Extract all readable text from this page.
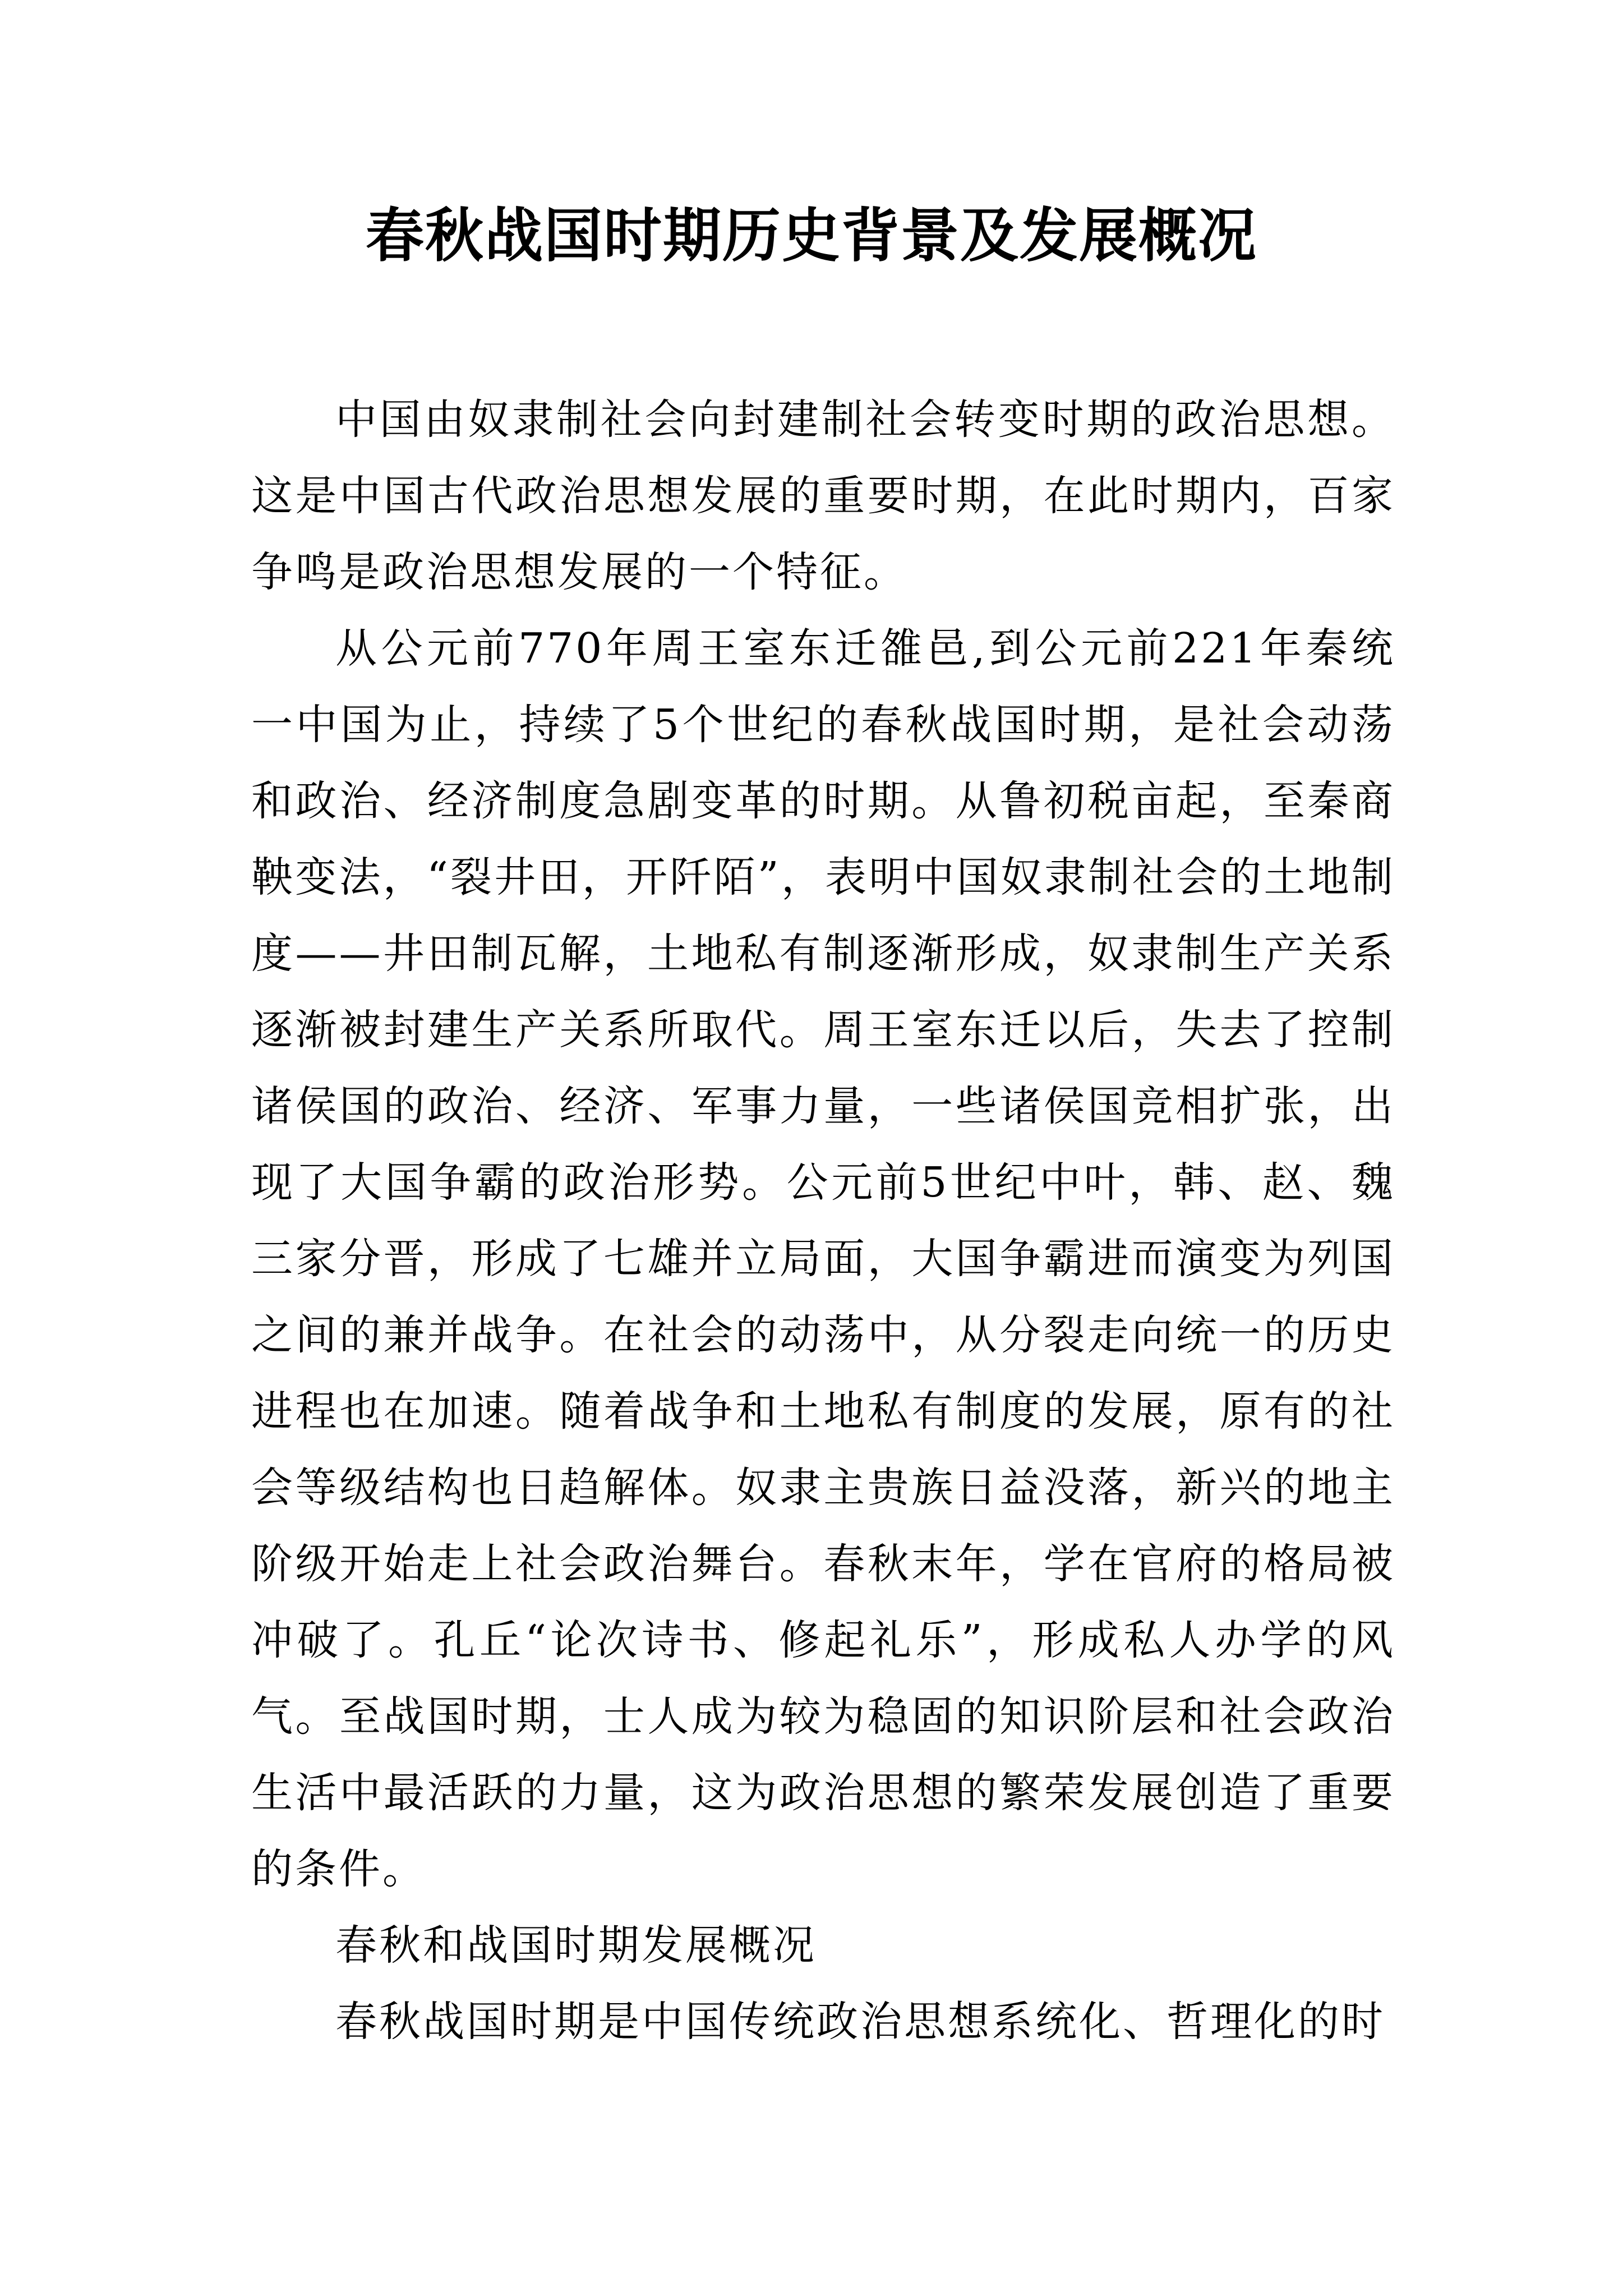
春秋战国时期历史背景及发展概况

中国由奴隶制社会向封建制社会转变时期的政治思想。这是中国古代政治思想发展的重要时期，在此时期内，百家争鸣是政治思想发展的一个特征。

从公元前770年周王室东迁雒邑,到公元前221年秦统一中国为止，持续了5个世纪的春秋战国时期，是社会动荡和政治、经济制度急剧变革的时期。从鲁初税亩起，至秦商鞅变法，“裂井田，开阡陌”，表明中国奴隶制社会的土地制度——井田制瓦解，土地私有制逐渐形成，奴隶制生产关系逐渐被封建生产关系所取代。周王室东迁以后，失去了控制诸侯国的政治、经济、军事力量，一些诸侯国竞相扩张，出现了大国争霸的政治形势。公元前5世纪中叶，韩、赵、魏三家分晋，形成了七雄并立局面，大国争霸进而演变为列国之间的兼并战争。在社会的动荡中，从分裂走向统一的历史进程也在加速。随着战争和土地私有制度的发展，原有的社会等级结构也日趋解体。奴隶主贵族日益没落，新兴的地主阶级开始走上社会政治舞台。春秋末年，学在官府的格局被冲破了。孔丘“论次诗书、修起礼乐”，形成私人办学的风气。至战国时期，士人成为较为稳固的知识阶层和社会政治生活中最活跃的力量，这为政治思想的繁荣发展创造了重要的条件。

春秋和战国时期发展概况

春秋战国时期是中国传统政治思想系统化、哲理化的时
